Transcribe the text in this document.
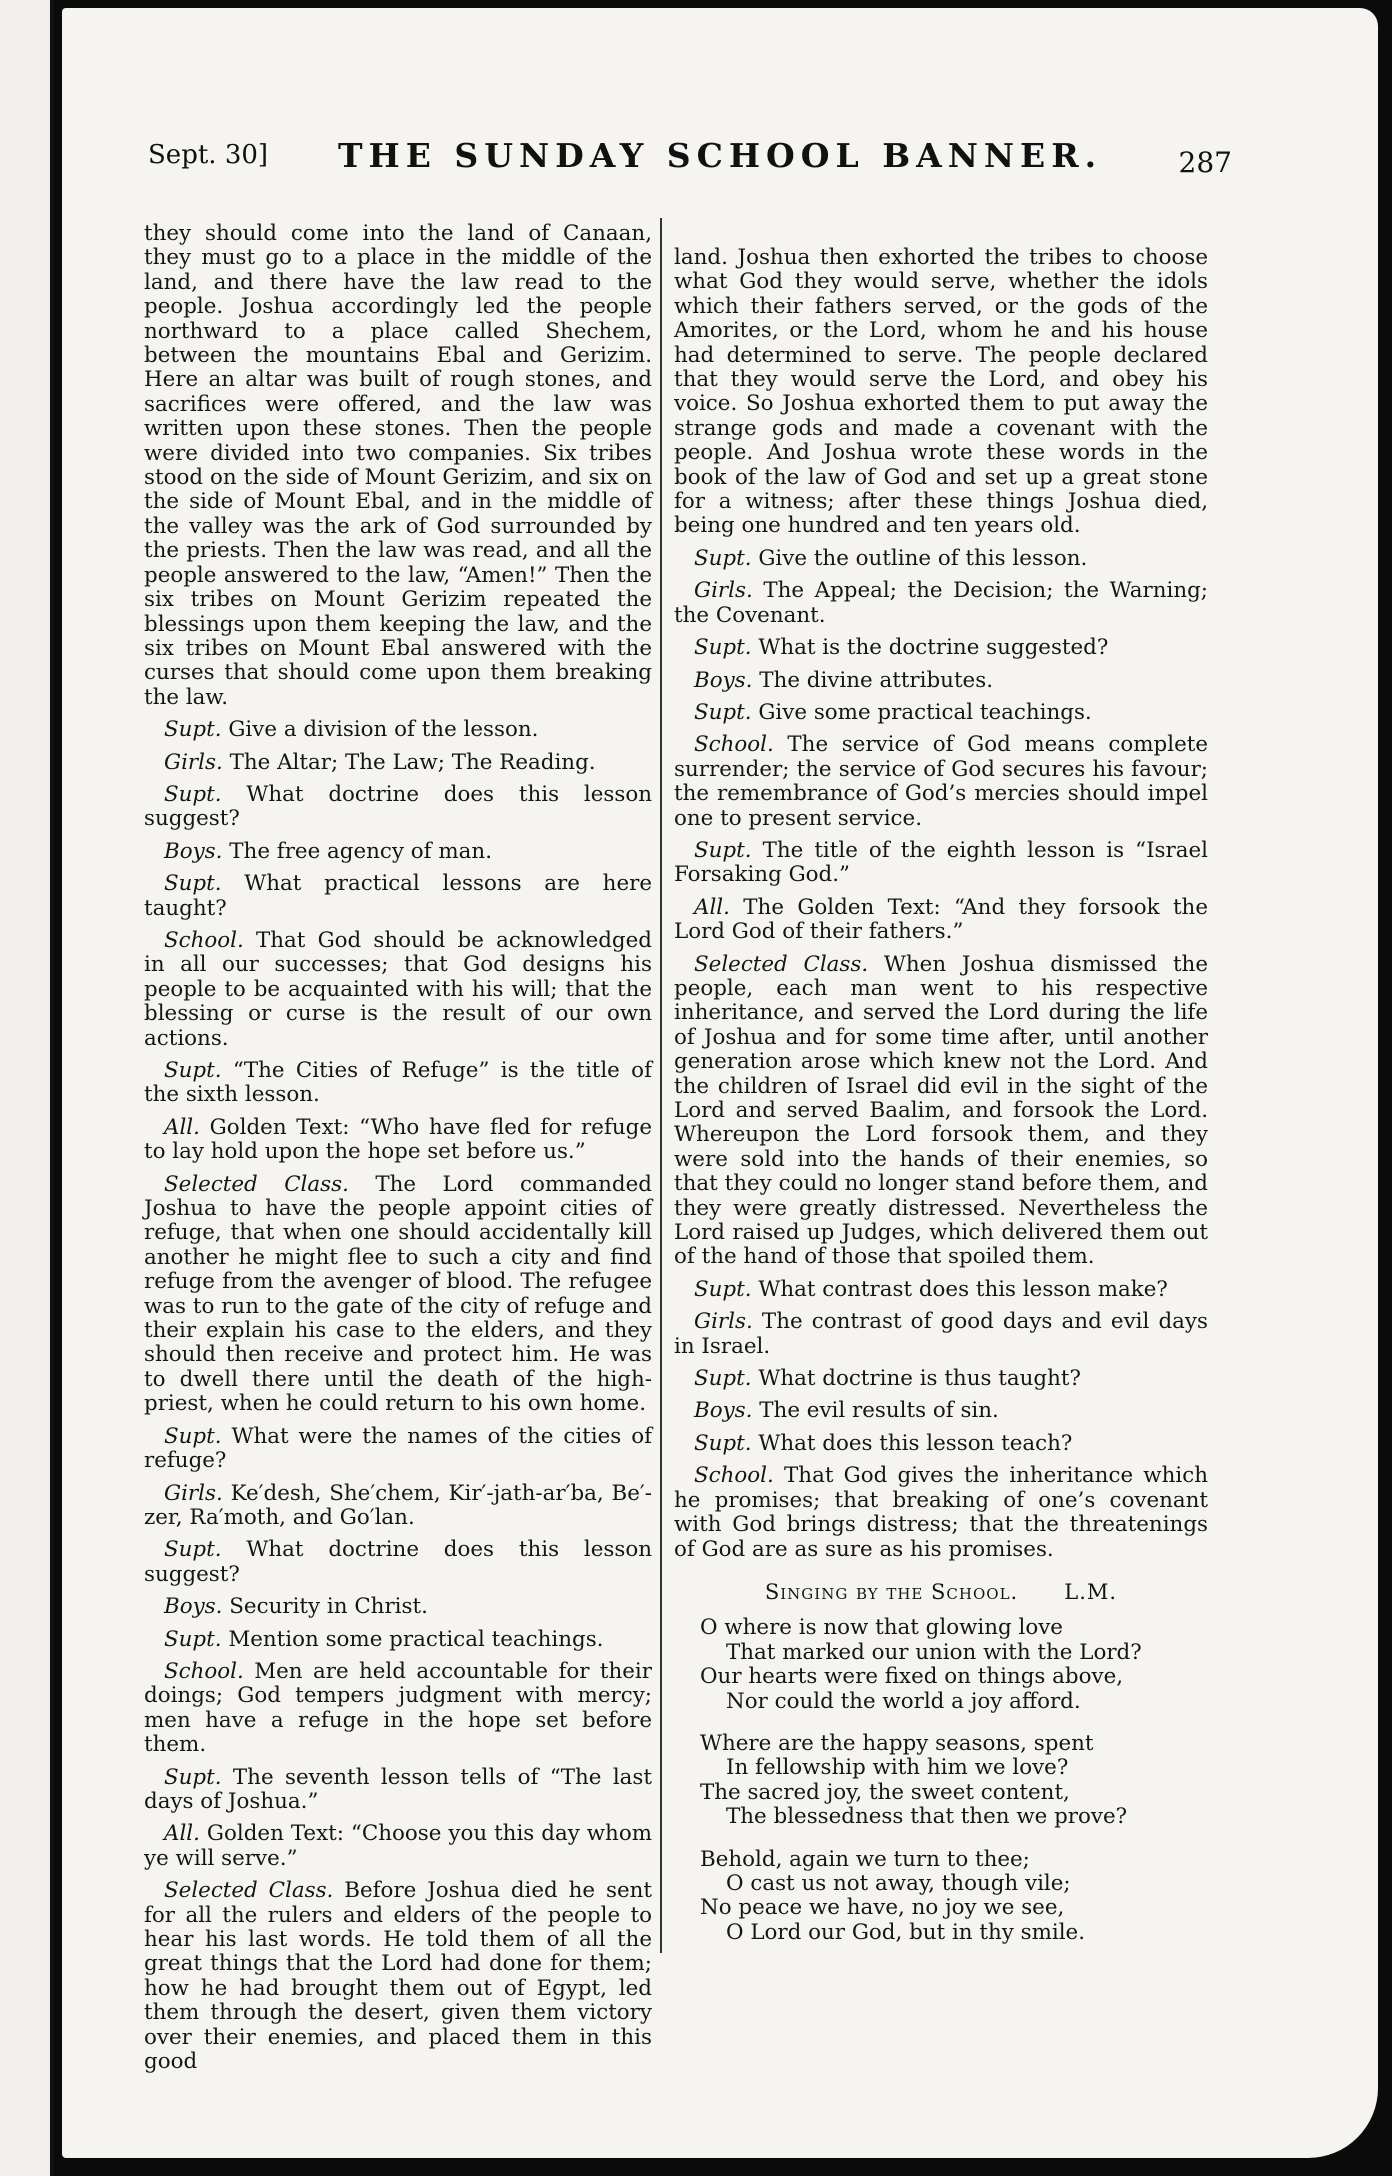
Sept. 30] THE SUNDAY SCHOOL BANNER.	287

they should come into the land of Canaan, they must go to a place in the middle of the land, and there have the law read to the people. Joshua accordingly led the people northward to a place called Shechem, between the mountains Ebal and Gerizim. Here an altar was built of rough stones, and sacrifices were offered, and the law was written upon these stones. Then the people were divided into two companies. Six tribes stood on the side of Mount Gerizim, and six on the side of Mount Ebal, and in the middle of the valley was the ark of God surrounded by the priests. Then the law was read, and all the people answered to the law, “Amen!” Then the six tribes on Mount Gerizim repeated the blessings upon them keeping the law, and the six tribes on Mount Ebal answered with the curses that should come upon them breaking the law.

Supt. Give a division of the lesson.

Girls. The Altar; The Law; The Reading.

Supt. What doctrine does this lesson suggest?

Boys. The free agency of man.

Supt. What practical lessons are here taught?

School. That God should be acknowledged in all our successes; that God designs his people to be acquainted with his will; that the blessing or curse is the result of our own actions.

Supt. “The Cities of Refuge” is the title of the sixth lesson.

All. Golden Text: “Who have fled for refuge to lay hold upon the hope set before us.”

Selected Class. The Lord commanded Joshua to have the people appoint cities of refuge, that when one should accidentally kill another he might flee to such a city and find refuge from the avenger of blood. The refugee was to run to the gate of the city of refuge and their explain his case to the elders, and they should then receive and protect him. He was to dwell there until the death of the high-priest, when he could return to his own home.

Supt. What were the names of the cities of refuge?

Girls. Ke′desh, She′chem, Kir′-jath-ar′ba, Be′-zer, Ra′moth, and Go′lan.

Supt. What doctrine does this lesson suggest?

Boys. Security in Christ.

Supt. Mention some practical teachings.

School. Men are held accountable for their doings; God tempers judgment with mercy; men have a refuge in the hope set before them.

Supt. The seventh lesson tells of “The last days of Joshua.”

All. Golden Text: “Choose you this day whom ye will serve.”

Selected Class. Before Joshua died he sent for all the rulers and elders of the people to hear his last words. He told them of all the great things that the Lord had done for them; how he had brought them out of Egypt, led them through the desert, given them victory over their enemies, and placed them in this good

land. Joshua then exhorted the tribes to choose what God they would serve, whether the idols which their fathers served, or the gods of the Amorites, or the Lord, whom he and his house had determined to serve. The people declared that they would serve the Lord, and obey his voice. So Joshua exhorted them to put away the strange gods and made a covenant with the people. And Joshua wrote these words in the book of the law of God and set up a great stone for a witness; after these things Joshua died, being one hundred and ten years old.

Supt. Give the outline of this lesson.

Girls. The Appeal; the Decision; the Warning; the Covenant.

Supt. What is the doctrine suggested?

Boys. The divine attributes.

Supt. Give some practical teachings.

School. The service of God means complete surrender; the service of God secures his favour; the remembrance of God’s mercies should impel one to present service.

Supt. The title of the eighth lesson is “Israel Forsaking God.”

All. The Golden Text: “And they forsook the Lord God of their fathers.”

Selected Class. When Joshua dismissed the people, each man went to his respective inheritance, and served the Lord during the life of Joshua and for some time after, until another generation arose which knew not the Lord. And the children of Israel did evil in the sight of the Lord and served Baalim, and forsook the Lord. Whereupon the Lord forsook them, and they were sold into the hands of their enemies, so that they could no longer stand before them, and they were greatly distressed. Nevertheless the Lord raised up Judges, which delivered them out of the hand of those that spoiled them.

Supt. What contrast does this lesson make?

Girls. The contrast of good days and evil days in Israel.

Supt. What doctrine is thus taught?

Boys. The evil results of sin.

Supt. What does this lesson teach?

School. That God gives the inheritance which he promises; that breaking of one’s covenant with God brings distress; that the threatenings of God are as sure as his promises.

Singing by the School. L.M.
O where is now that glowing love
That marked our union with the Lord?
Our hearts were fixed on things above,
Nor could the world a joy afford.
Where are the happy seasons, spent
In fellowship with him we love?
The sacred joy, the sweet content,
The blessedness that then we prove?
Behold, again we turn to thee;
O cast us not away, though vile;
No peace we have, no joy we see,
O Lord our God, but in thy smile.
